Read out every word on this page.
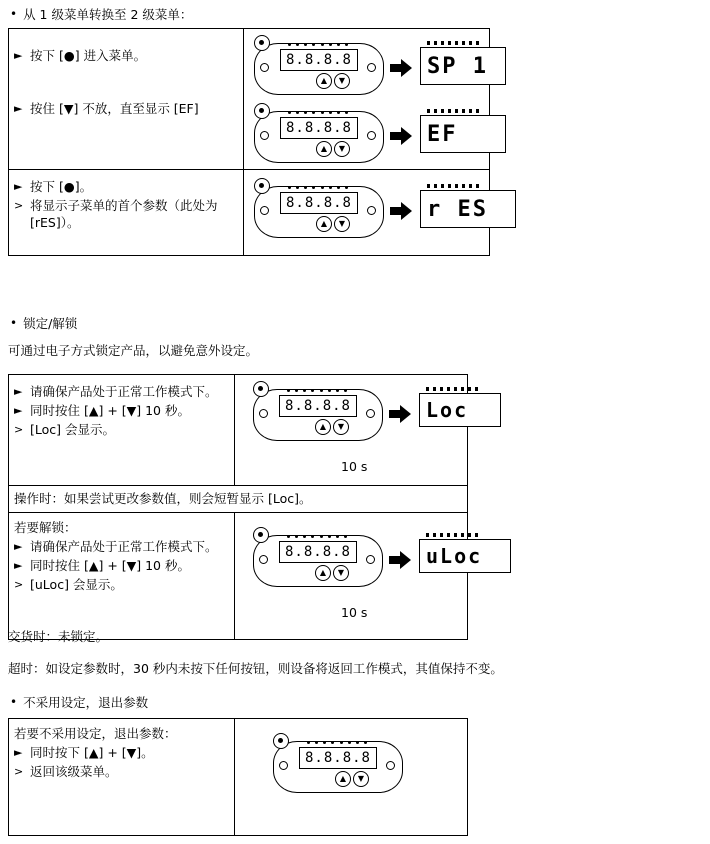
• 从 1 级菜单转换至 2 级菜单：
► 按下 [●] 进入菜单。
► 按住 [▼] 不放，直至显示 [EF]
8.8.8.8
▲	▼
SP 1
8.8.8.8
▲	▼
EF
► 按下 [●]。
> 将显示子菜单的首个参数（此处为 [rES]）。
8.8.8.8
▲	▼
r ES
• 锁定/解锁
可通过电子方式锁定产品，以避免意外设定。
► 请确保产品处于正常工作模式下。
► 同时按住 [▲] + [▼] 10 秒。
> [Loc] 会显示。
8.8.8.8
▲	▼
Loc
10 s
操作时：如果尝试更改参数值，则会短暂显示 [Loc]。
若要解锁：
► 请确保产品处于正常工作模式下。
► 同时按住 [▲] + [▼] 10 秒。
> [uLoc] 会显示。
8.8.8.8
▲	▼
uLoc
10 s
交货时：未锁定。
超时：如设定参数时，30 秒内未按下任何按钮，则设备将返回工作模式，其值保持不变。
• 不采用设定，退出参数
若要不采用设定，退出参数：
► 同时按下 [▲] + [▼]。
> 返回该级菜单。
8.8.8.8
▲	▼
